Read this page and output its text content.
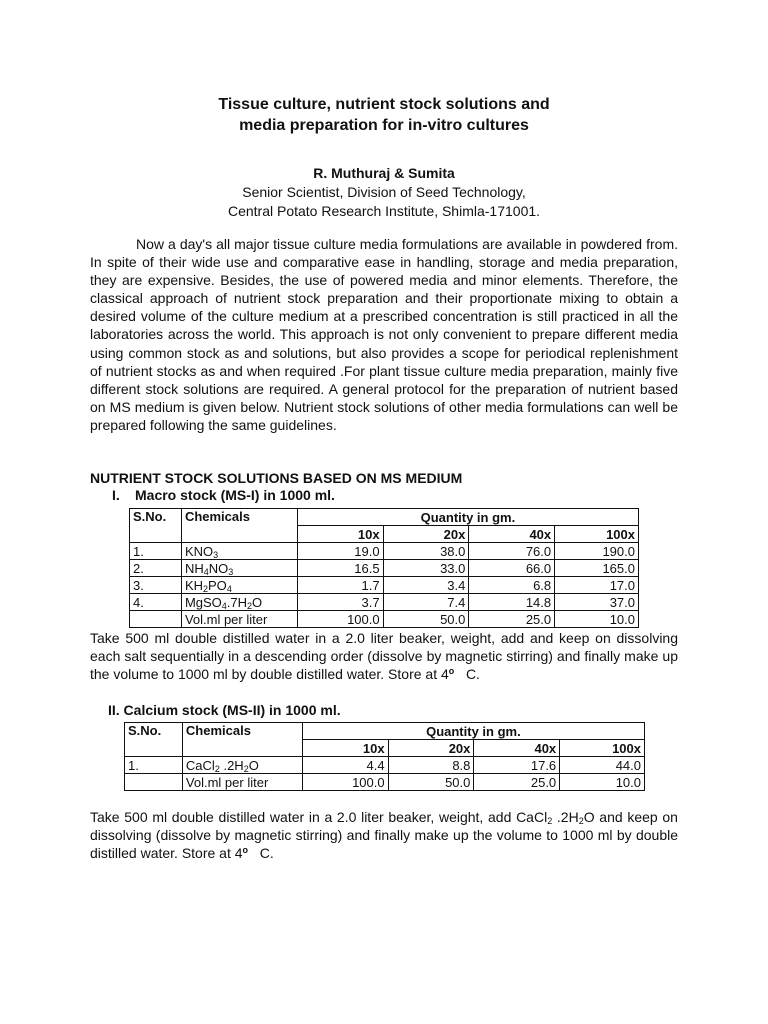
Tissue culture, nutrient stock solutions and
media preparation for in-vitro cultures
R. Muthuraj & Sumita
Senior Scientist, Division of Seed Technology,
Central Potato Research Institute, Shimla-171001.
Now a day's all major tissue culture media formulations are available in powdered from. In spite of their wide use and comparative ease in handling, storage and media preparation, they are expensive. Besides, the use of powered media and minor elements. Therefore, the classical approach of nutrient stock preparation and their proportionate mixing to obtain a desired volume of the culture medium at a prescribed concentration is still practiced in all the laboratories across the world. This approach is not only convenient to prepare different media using common stock as and solutions, but also provides a scope for periodical replenishment of nutrient stocks as and when required .For plant tissue culture media preparation, mainly five different stock solutions are required. A general protocol for the preparation of nutrient based on MS medium is given below. Nutrient stock solutions of other media formulations can well be prepared following the same guidelines.
NUTRIENT STOCK SOLUTIONS BASED ON MS MEDIUM
I. Macro stock (MS-I) in 1000 ml.
S.No.	Chemicals	Quantity in gm.			
		10x	20x	40x	100x
1.	$KNO_3$	19.0	38.0	76.0	190.0
2.	$NH_4NO_3$	16.5	33.0	66.0	165.0
3.	$KH_2PO_4$	1.7	3.4	6.8	17.0
4.	$MgSO_4.7H_2O$	3.7	7.4	14.8	37.0
	Vol.ml per liter	100.0	50.0	25.0	10.0
Take 500 ml double distilled water in a 2.0 liter beaker, weight, add and keep on dissolving each salt sequentially in a descending order (dissolve by magnetic stirring) and finally make up the volume to 1000 ml by double distilled water. Store at 4$^o$ C.
II. Calcium stock (MS-II) in 1000 ml.
S.No.	Chemicals	Quantity in gm.			
		10x	20x	40x	100x
1.	CaCl$_2$ $.2H_2O$	4.4	8.8	17.6	44.0
	Vol.ml per liter	100.0	50.0	25.0	10.0
Take 500 ml double distilled water in a 2.0 liter beaker, weight, add CaCl$_2$ $.2H_2O$ and keep on dissolving (dissolve by magnetic stirring) and finally make up the volume to 1000 ml by double distilled water. Store at 4$^o$ C.
